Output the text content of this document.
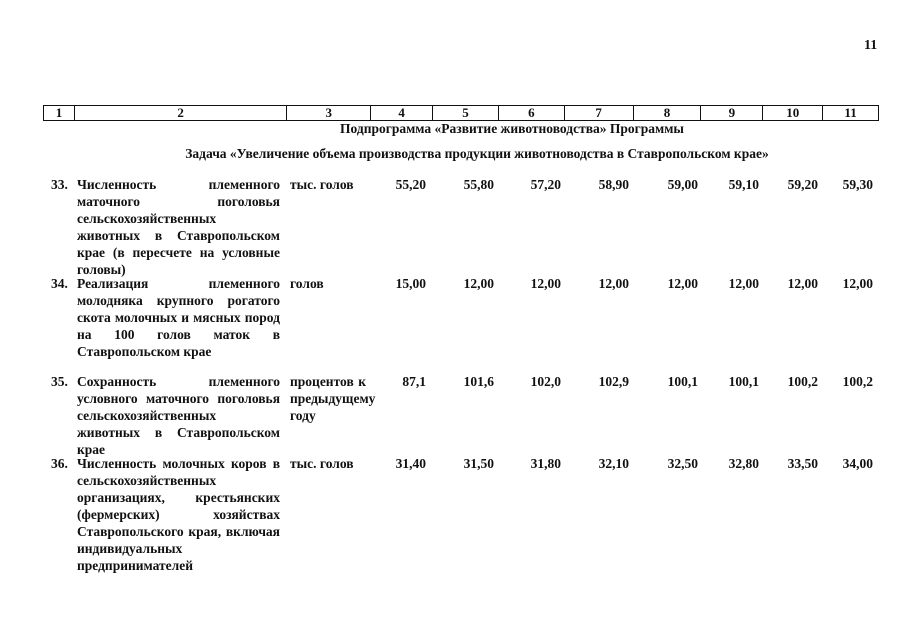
11
1	2	3	4	5	6	7	8	9	10	11
Подпрограмма «Развитие животноводства» Программы
Задача «Увеличение объема производства продукции животноводства в Ставропольском крае»
33. Численность племенного маточного поголовья сельскохозяйственных животных в Ставропольском крае (в пересчете на условные головы)
тыс. голов	55,20	55,80	57,20	58,90	59,00 59,10 59,20 59,30
34. Реализация племенного молодняка крупного рогатого скота молочных и мясных пород на 100 голов маток в Ставропольском крае
голов	15,00	12,00	12,00	12,00	12,00 12,00 12,00 12,00
35. Сохранность племенного условного маточного поголовья сельскохозяйственных животных в Ставропольском крае
процентов к предыдущему году
87,1	101,6	102,0	102,9	100,1 100,1 100,2 100,2
36. Численность молочных коров в сельскохозяйственных организациях, крестьянских (фермерских) хозяйствах Ставропольского края, включая индивидуальных предпринимателей
тыс. голов	31,40	31,50	31,80	32,10	32,50 32,80 33,50 34,00
